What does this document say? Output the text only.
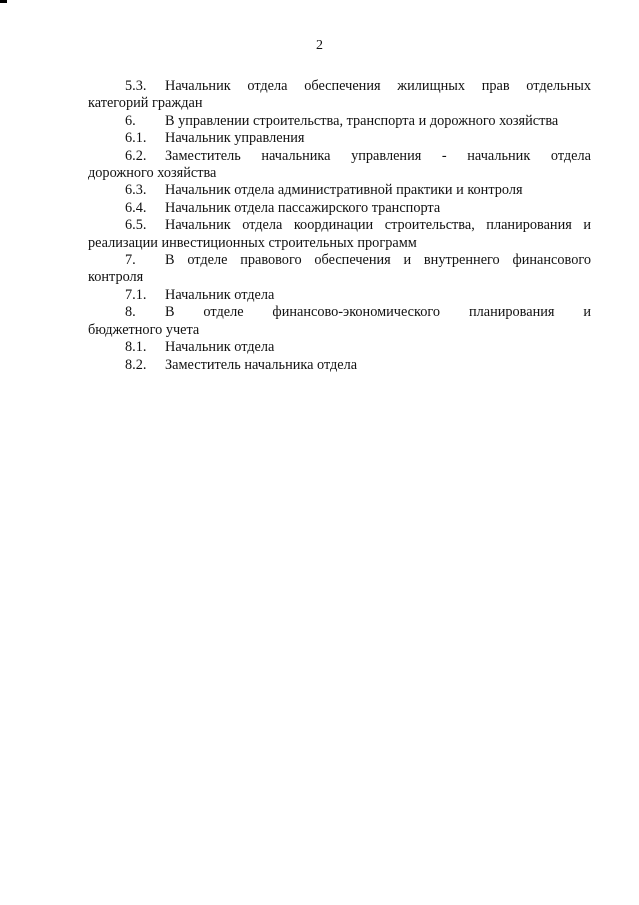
2
5.3. Начальник отдела обеспечения жилищных прав отдельных
категорий граждан
6. В управлении строительства, транспорта и дорожного хозяйства
6.1. Начальник управления
6.2. Заместитель начальника управления - начальник отдела
дорожного хозяйства
6.3. Начальник отдела административной практики и контроля
6.4. Начальник отдела пассажирского транспорта
6.5. Начальник отдела координации строительства, планирования и
реализации инвестиционных строительных программ
7. В отделе правового обеспечения и внутреннего финансового
контроля
7.1. Начальник отдела
8. В отделе финансово-экономического планирования и
бюджетного учета
8.1. Начальник отдела
8.2. Заместитель начальника отдела
